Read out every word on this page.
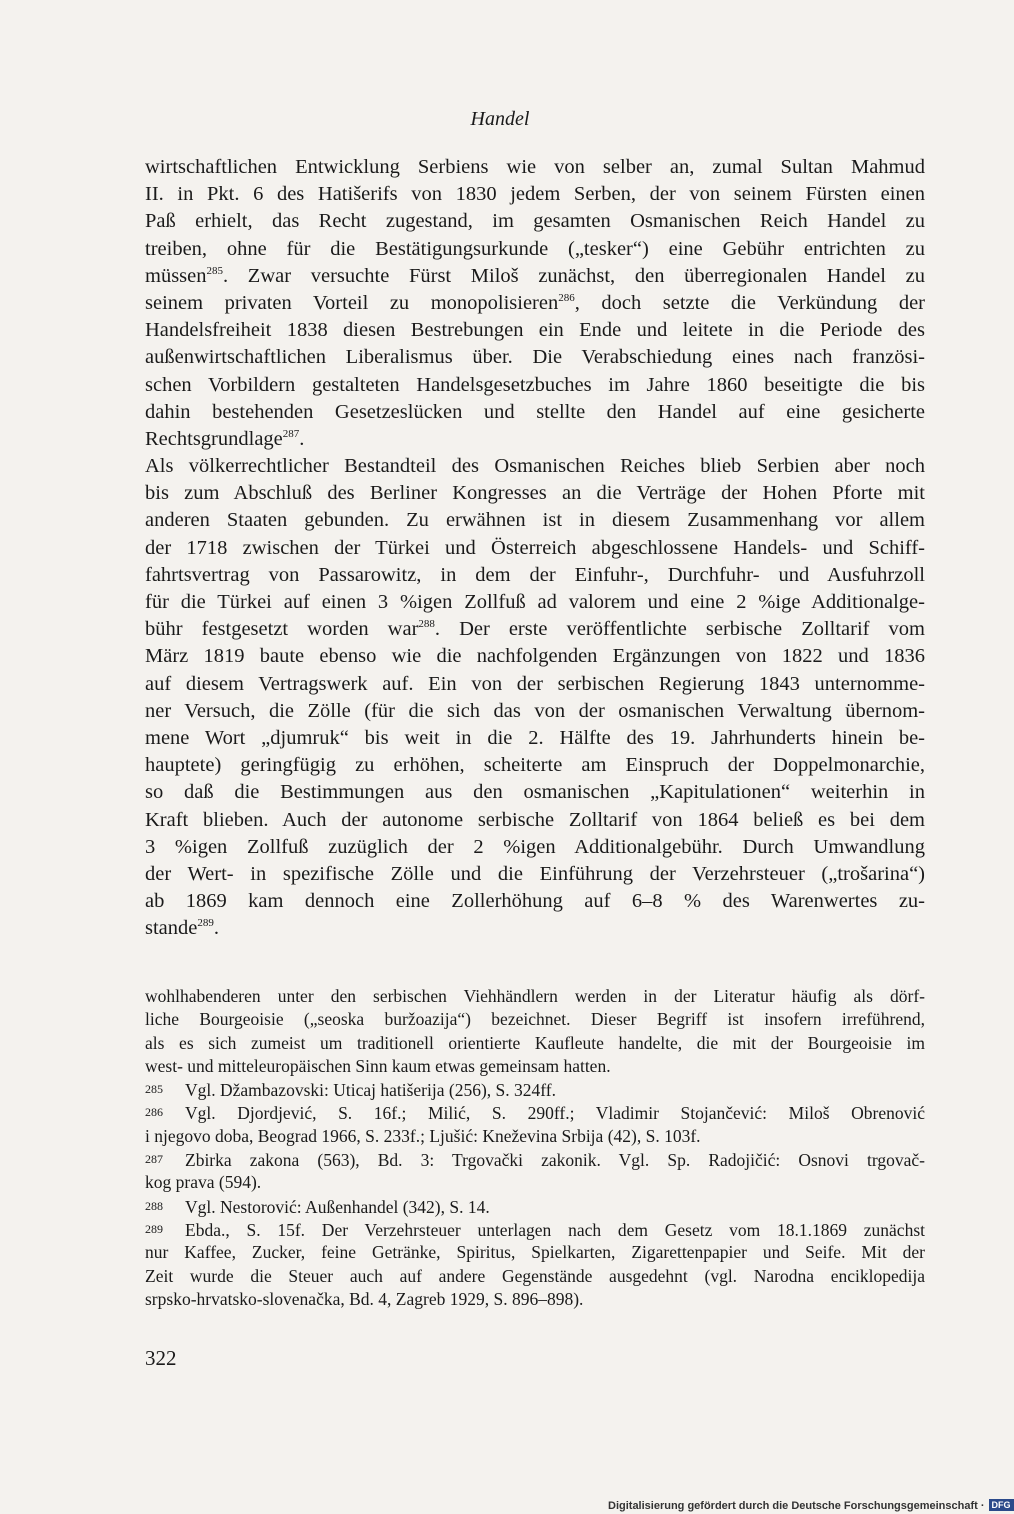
Handel
wirtschaftlichen Entwicklung Serbiens wie von selber an, zumal Sultan Mahmud
II. in Pkt. 6 des Hatišerifs von 1830 jedem Serben, der von seinem Fürsten einen
Paß erhielt, das Recht zugestand, im gesamten Osmanischen Reich Handel zu
treiben, ohne für die Bestätigungsurkunde („tesker“) eine Gebühr entrichten zu
müssen$^{285}$. Zwar versuchte Fürst Miloš zunächst, den überregionalen Handel zu
seinem privaten Vorteil zu monopolisieren$^{286}$, doch setzte die Verkündung der
Handelsfreiheit 1838 diesen Bestrebungen ein Ende und leitete in die Periode des
außenwirtschaftlichen Liberalismus über. Die Verabschiedung eines nach französi-
schen Vorbildern gestalteten Handelsgesetzbuches im Jahre 1860 beseitigte die bis
dahin bestehenden Gesetzeslücken und stellte den Handel auf eine gesicherte
Rechtsgrundlage$^{287}$.
Als völkerrechtlicher Bestandteil des Osmanischen Reiches blieb Serbien aber noch
bis zum Abschluß des Berliner Kongresses an die Verträge der Hohen Pforte mit
anderen Staaten gebunden. Zu erwähnen ist in diesem Zusammenhang vor allem
der 1718 zwischen der Türkei und Österreich abgeschlossene Handels- und Schiff-
fahrtsvertrag von Passarowitz, in dem der Einfuhr-, Durchfuhr- und Ausfuhrzoll
für die Türkei auf einen 3 %igen Zollfuß ad valorem und eine 2 %ige Additionalge-
bühr festgesetzt worden war$^{288}$. Der erste veröffentlichte serbische Zolltarif vom
März 1819 baute ebenso wie die nachfolgenden Ergänzungen von 1822 und 1836
auf diesem Vertragswerk auf. Ein von der serbischen Regierung 1843 unternomme-
ner Versuch, die Zölle (für die sich das von der osmanischen Verwaltung übernom-
mene Wort „djumruk“ bis weit in die 2. Hälfte des 19. Jahrhunderts hinein be-
hauptete) geringfügig zu erhöhen, scheiterte am Einspruch der Doppelmonarchie,
so daß die Bestimmungen aus den osmanischen „Kapitulationen“ weiterhin in
Kraft blieben. Auch der autonome serbische Zolltarif von 1864 beließ es bei dem
3 %igen Zollfuß zuzüglich der 2 %igen Additionalgebühr. Durch Umwandlung
der Wert- in spezifische Zölle und die Einführung der Verzehrsteuer („trošarina“)
ab 1869 kam dennoch eine Zollerhöhung auf 6–8 % des Warenwertes zu-
stande$^{289}$.
wohlhabenderen unter den serbischen Viehhändlern werden in der Literatur häufig als dörf-
liche Bourgeoisie („seoska buržoazija“) bezeichnet. Dieser Begriff ist insofern irreführend,
als es sich zumeist um traditionell orientierte Kaufleute handelte, die mit der Bourgeoisie im
west- und mitteleuropäischen Sinn kaum etwas gemeinsam hatten.
285 Vgl. Džambazovski: Uticaj hatišerija (256), S. 324ff.
286 Vgl. Djordjević, S. 16f.; Milić, S. 290ff.; Vladimir Stojančević: Miloš Obrenović
i njegovo doba, Beograd 1966, S. 233f.; Ljušić: Kneževina Srbija (42), S. 103f.
287 Zbirka zakona (563), Bd. 3: Trgovački zakonik. Vgl. Sp. Radojičić: Osnovi trgovač-
kog prava (594).
288 Vgl. Nestorović: Außenhandel (342), S. 14.
289 Ebda., S. 15f. Der Verzehrsteuer unterlagen nach dem Gesetz vom 18.1.1869 zunächst
nur Kaffee, Zucker, feine Getränke, Spiritus, Spielkarten, Zigarettenpapier und Seife. Mit der
Zeit wurde die Steuer auch auf andere Gegenstände ausgedehnt (vgl. Narodna enciklopedija
srpsko-hrvatsko-slovenačka, Bd. 4, Zagreb 1929, S. 896–898).
322
Digitalisierung gefördert durch die Deutsche Forschungsgemeinschaft · DFG
